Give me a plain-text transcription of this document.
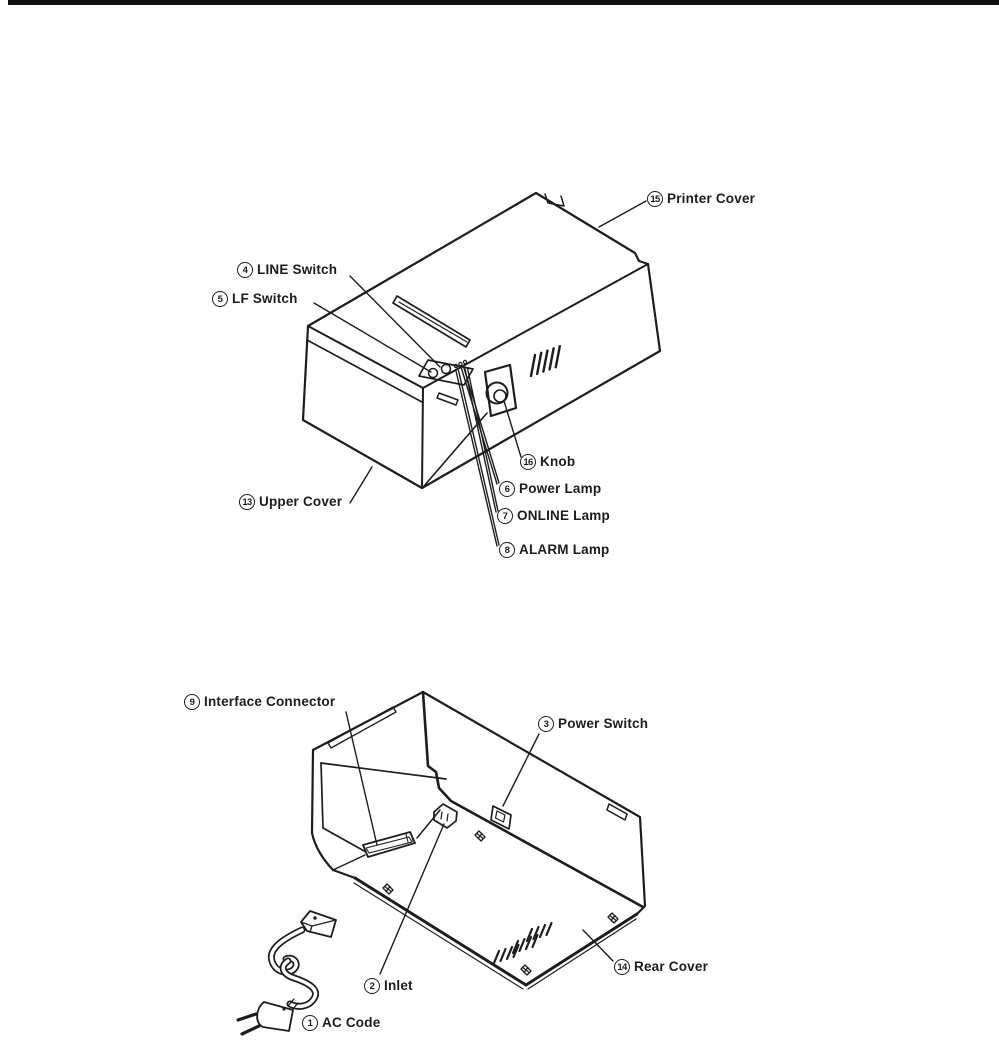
15 Printer Cover
4 LINE Switch
5 LF Switch
13 Upper Cover
16 Knob
6 Power Lamp
7 ONLINE Lamp
8 ALARM Lamp
9 Interface Connector
3 Power Switch
2 Inlet
1 AC Code
14 Rear Cover
